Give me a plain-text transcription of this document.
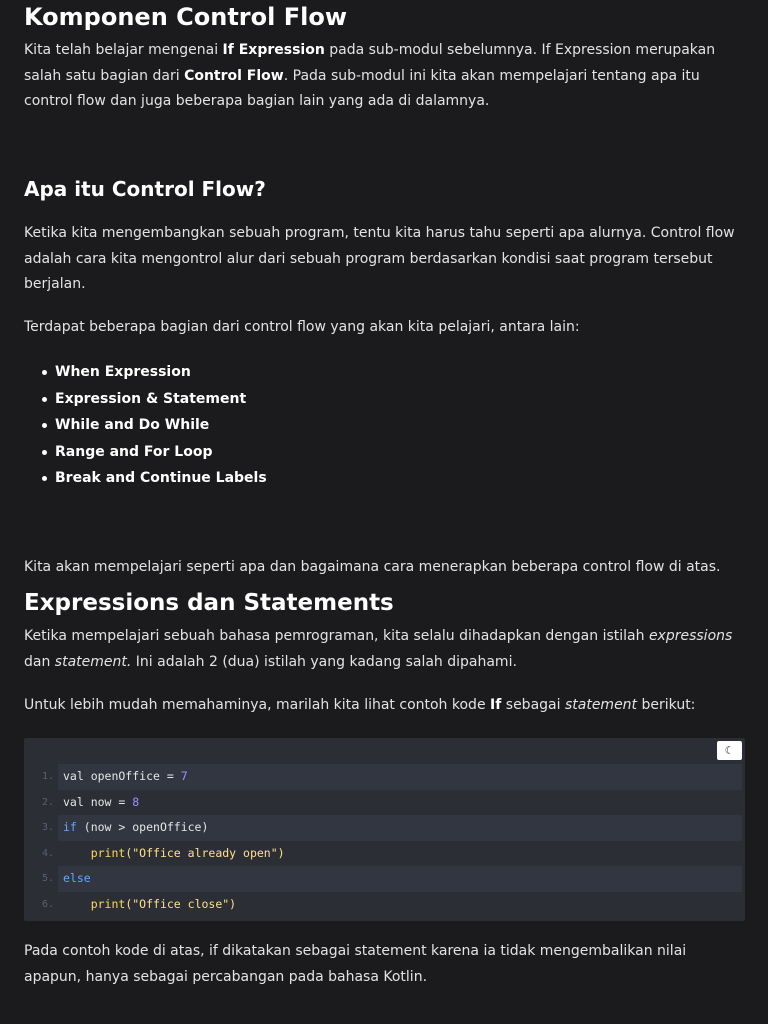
Komponen Control Flow

Kita telah belajar mengenai If Expression pada sub-modul sebelumnya. If Expression merupakan salah satu bagian dari Control Flow. Pada sub-modul ini kita akan mempelajari tentang apa itu control flow dan juga beberapa bagian lain yang ada di dalamnya.

Apa itu Control Flow?

Ketika kita mengembangkan sebuah program, tentu kita harus tahu seperti apa alurnya. Control flow adalah cara kita mengontrol alur dari sebuah program berdasarkan kondisi saat program tersebut berjalan.

Terdapat beberapa bagian dari control flow yang akan kita pelajari, antara lain:

When Expression
Expression & Statement
While and Do While
Range and For Loop
Break and Continue Labels

Kita akan mempelajari seperti apa dan bagaimana cara menerapkan beberapa control flow di atas.

Expressions dan Statements

Ketika mempelajari sebuah bahasa pemrograman, kita selalu dihadapkan dengan istilah expressions dan statement. Ini adalah 2 (dua) istilah yang kadang salah dipahami.

Untuk lebih mudah memahaminya, marilah kita lihat contoh kode If sebagai statement berikut:

☾
1. val openOffice = 7
2. val now = 8
3. if (now > openOffice)
4.	print("Office already open")
5. else
6.	print("Office close")

Pada contoh kode di atas, if dikatakan sebagai statement karena ia tidak mengembalikan nilai apapun, hanya sebagai percabangan pada bahasa Kotlin.
